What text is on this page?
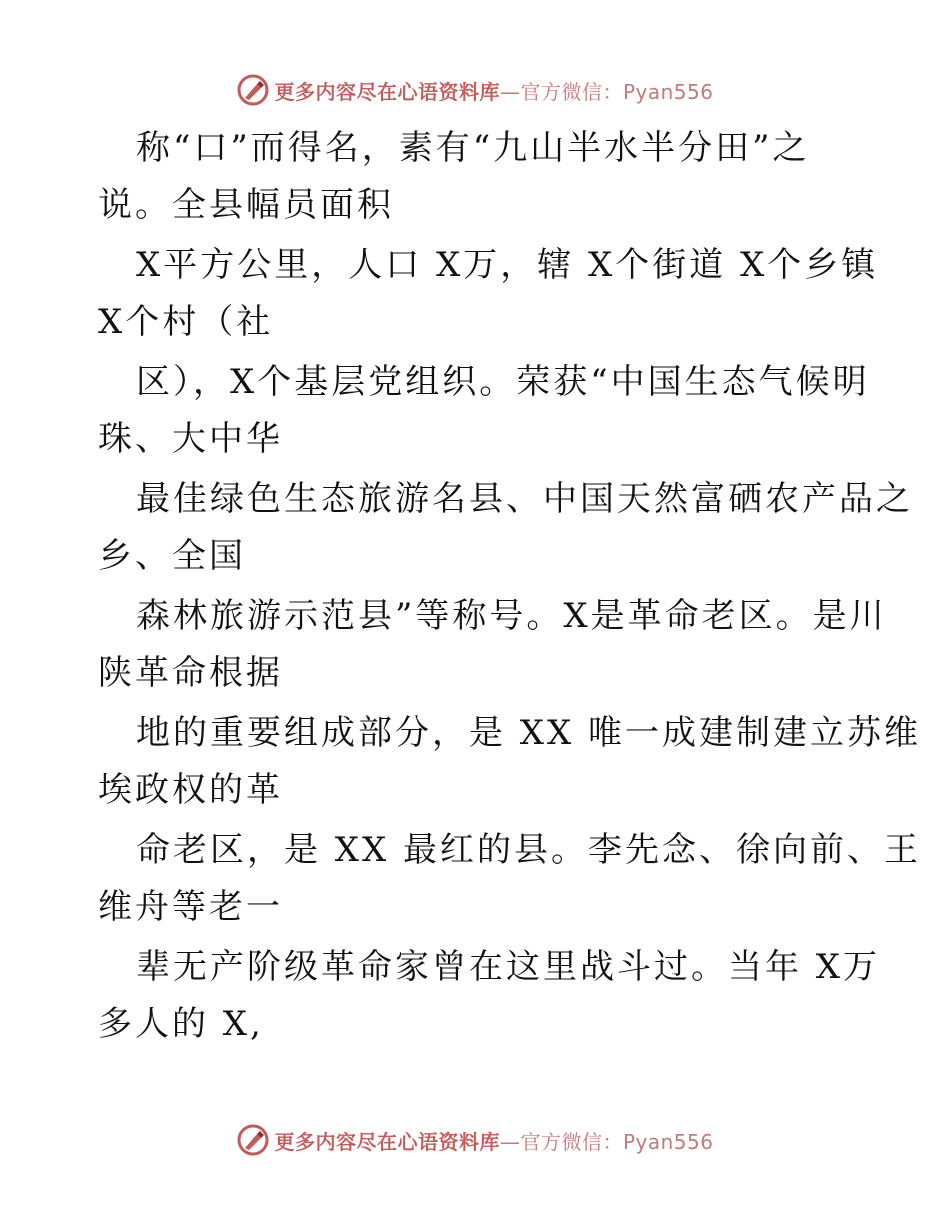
更多内容尽在心语资料库—官方微信：Pyan556
称“口”而得名，素有“九山半水半分田”之
说。全县幅员面积
X平方公里，人口 X万，辖 X个街道 X个乡镇
X个村（社
区），X个基层党组织。荣获“中国生态气候明
珠、大中华
最佳绿色生态旅游名县、中国天然富硒农产品之
乡、全国
森林旅游示范县”等称号。X是革命老区。是川
陕革命根据
地的重要组成部分，是 XX 唯一成建制建立苏维
埃政权的革
命老区，是 XX 最红的县。李先念、徐向前、王
维舟等老一
辈无产阶级革命家曾在这里战斗过。当年 X万
多人的 X,
更多内容尽在心语资料库—官方微信：Pyan556
